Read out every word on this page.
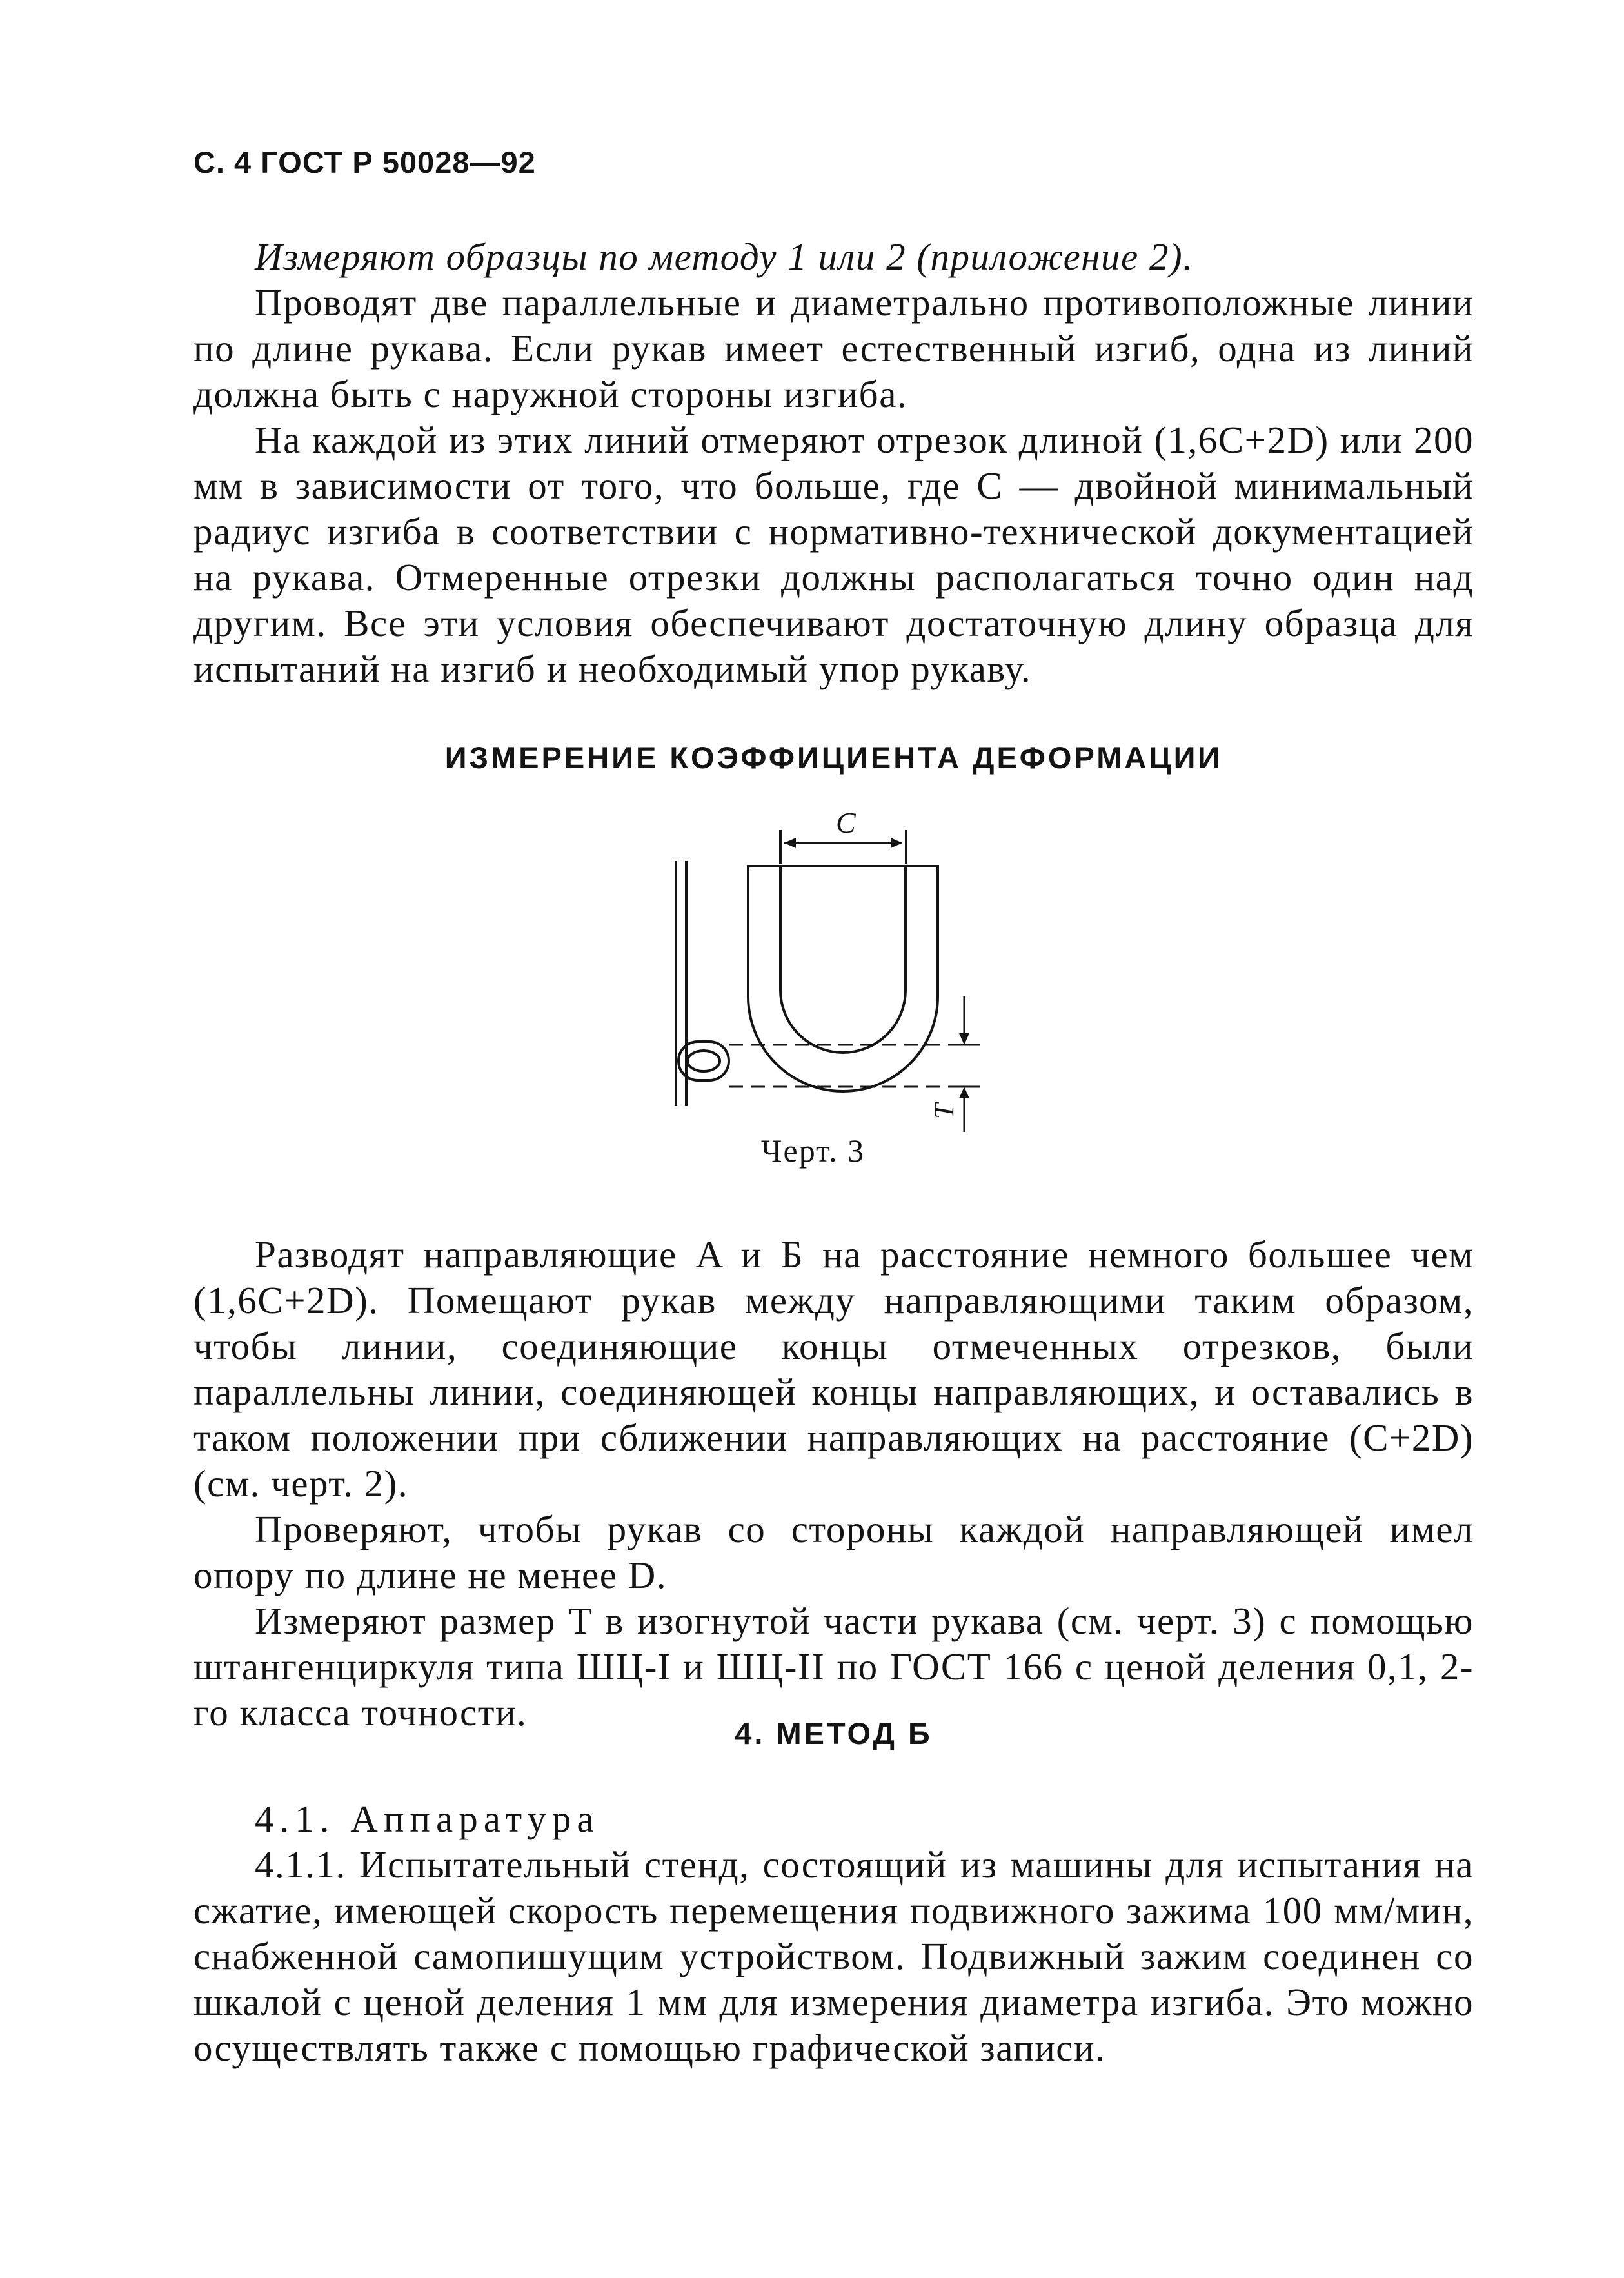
С. 4 ГОСТ Р 50028—92

Измеряют образцы по методу 1 или 2 (приложение 2).

Проводят две параллельные и диаметрально противоположные линии по длине рукава. Если рукав имеет естественный изгиб, одна из линий должна быть с наружной стороны изгиба.

На каждой из этих линий отмеряют отрезок длиной (1,6C+2D) или 200 мм в зависимости от того, что больше, где C — двойной минимальный радиус изгиба в соответствии с нормативно-технической документацией на рукава. Отмеренные отрезки должны располагаться точно один над другим. Все эти условия обеспечивают достаточную длину образца для испытаний на изгиб и необходимый упор рукаву.

ИЗМЕРЕНИЕ КОЭФФИЦИЕНТА ДЕФОРМАЦИИ
C
T
Черт. 3

Разводят направляющие A и Б на расстояние немного большее чем (1,6C+2D). Помещают рукав между направляющими таким образом, чтобы линии, соединяющие концы отмеченных отрезков, были параллельны линии, соединяющей концы направляющих, и оставались в таком положении при сближении направляющих на расстояние (C+2D) (см. черт. 2).

Проверяют, чтобы рукав со стороны каждой направляющей имел опору по длине не менее D.

Измеряют размер T в изогнутой части рукава (см. черт. 3) с помощью штангенциркуля типа ШЦ-I и ШЦ-II по ГОСТ 166 с ценой деления 0,1, 2-го класса точности.	4. МЕТОД Б

4.1. Аппаратура

4.1.1. Испытательный стенд, состоящий из машины для испытания на сжатие, имеющей скорость перемещения подвижного зажима 100 мм/мин, снабженной самопишущим устройством. Подвижный зажим соединен со шкалой с ценой деления 1 мм для измерения диаметра изгиба. Это можно осуществлять также с помощью графической записи.
